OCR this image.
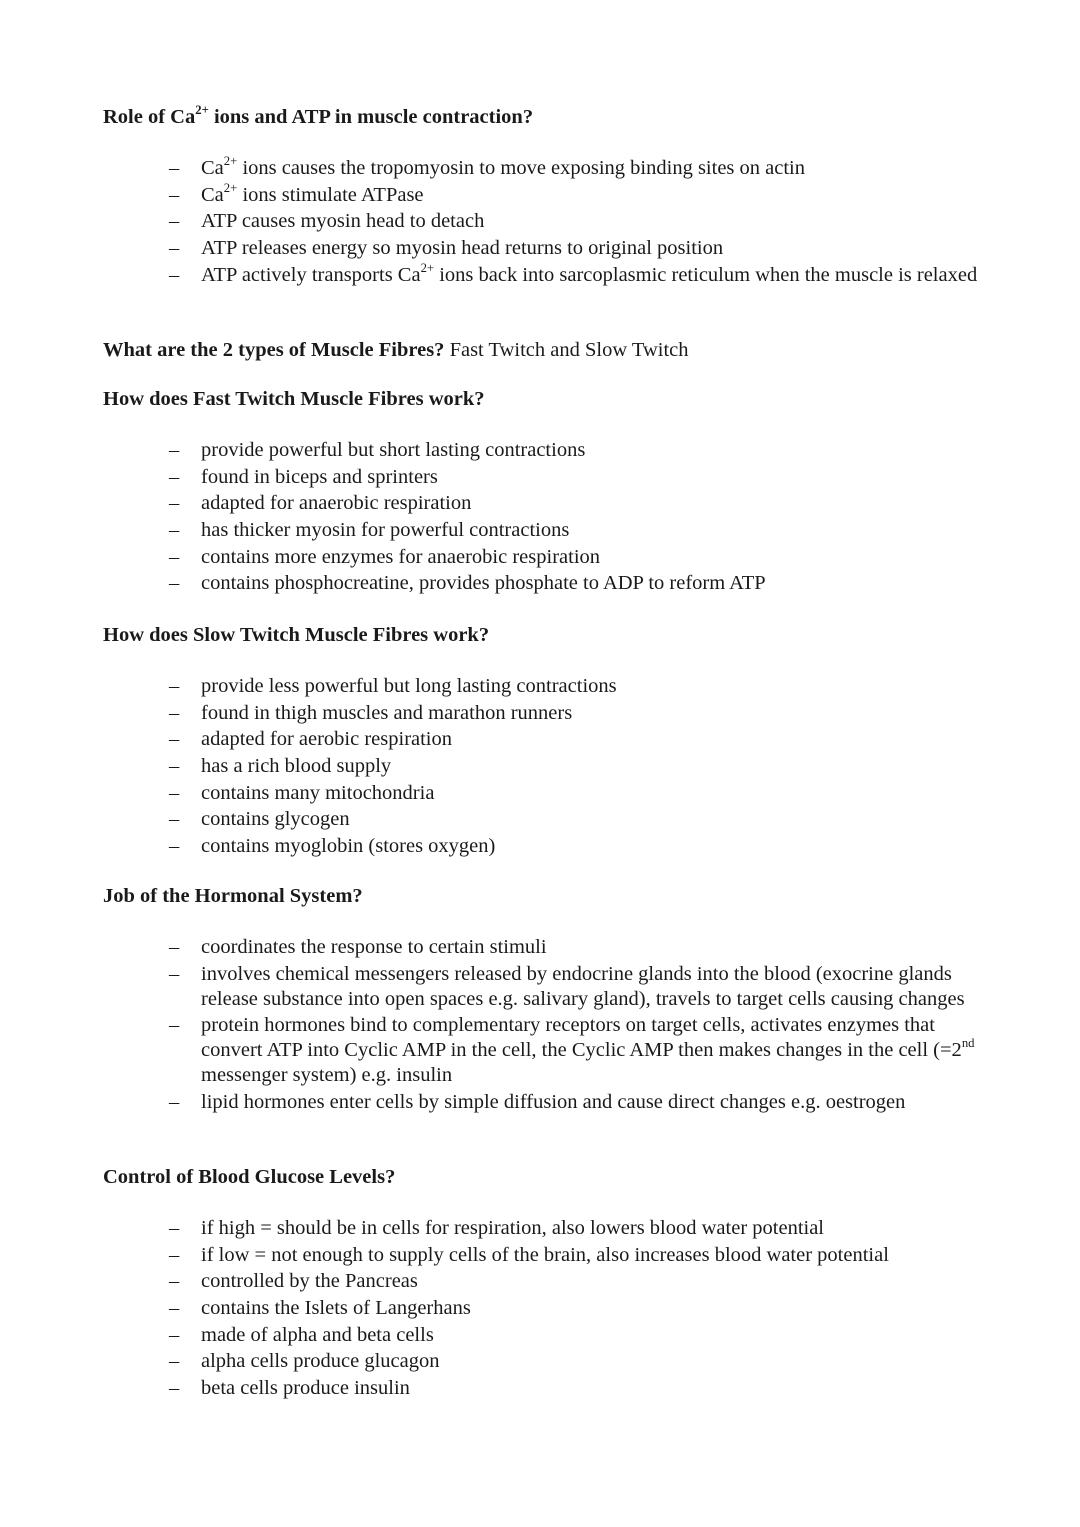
Role of $Ca^{2+}$ ions and ATP in muscle contraction?
– $Ca^{2+}$ ions causes the tropomyosin to move exposing binding sites on actin
– $Ca^{2+}$ ions stimulate ATPase
– ATP causes myosin head to detach
– ATP releases energy so myosin head returns to original position
– ATP actively transports $Ca^{2+}$ ions back into sarcoplasmic reticulum when the muscle is relaxed
What are the 2 types of Muscle Fibres? Fast Twitch and Slow Twitch
How does Fast Twitch Muscle Fibres work?
– provide powerful but short lasting contractions
– found in biceps and sprinters
– adapted for anaerobic respiration
– has thicker myosin for powerful contractions
– contains more enzymes for anaerobic respiration
– contains phosphocreatine, provides phosphate to ADP to reform ATP
How does Slow Twitch Muscle Fibres work?
– provide less powerful but long lasting contractions
– found in thigh muscles and marathon runners
– adapted for aerobic respiration
– has a rich blood supply
– contains many mitochondria
– contains glycogen
– contains myoglobin (stores oxygen)
Job of the Hormonal System?
– coordinates the response to certain stimuli
– involves chemical messengers released by endocrine glands into the blood (exocrine glands release substance into open spaces e.g. salivary gland), travels to target cells causing changes
– protein hormones bind to complementary receptors on target cells, activates enzymes that convert ATP into Cyclic AMP in the cell, the Cyclic AMP then makes changes in the cell (=2nd messenger system) e.g. insulin
– lipid hormones enter cells by simple diffusion and cause direct changes e.g. oestrogen
Control of Blood Glucose Levels?
– if high = should be in cells for respiration, also lowers blood water potential
– if low = not enough to supply cells of the brain, also increases blood water potential
– controlled by the Pancreas
– contains the Islets of Langerhans
– made of alpha and beta cells
– alpha cells produce glucagon
– beta cells produce insulin
